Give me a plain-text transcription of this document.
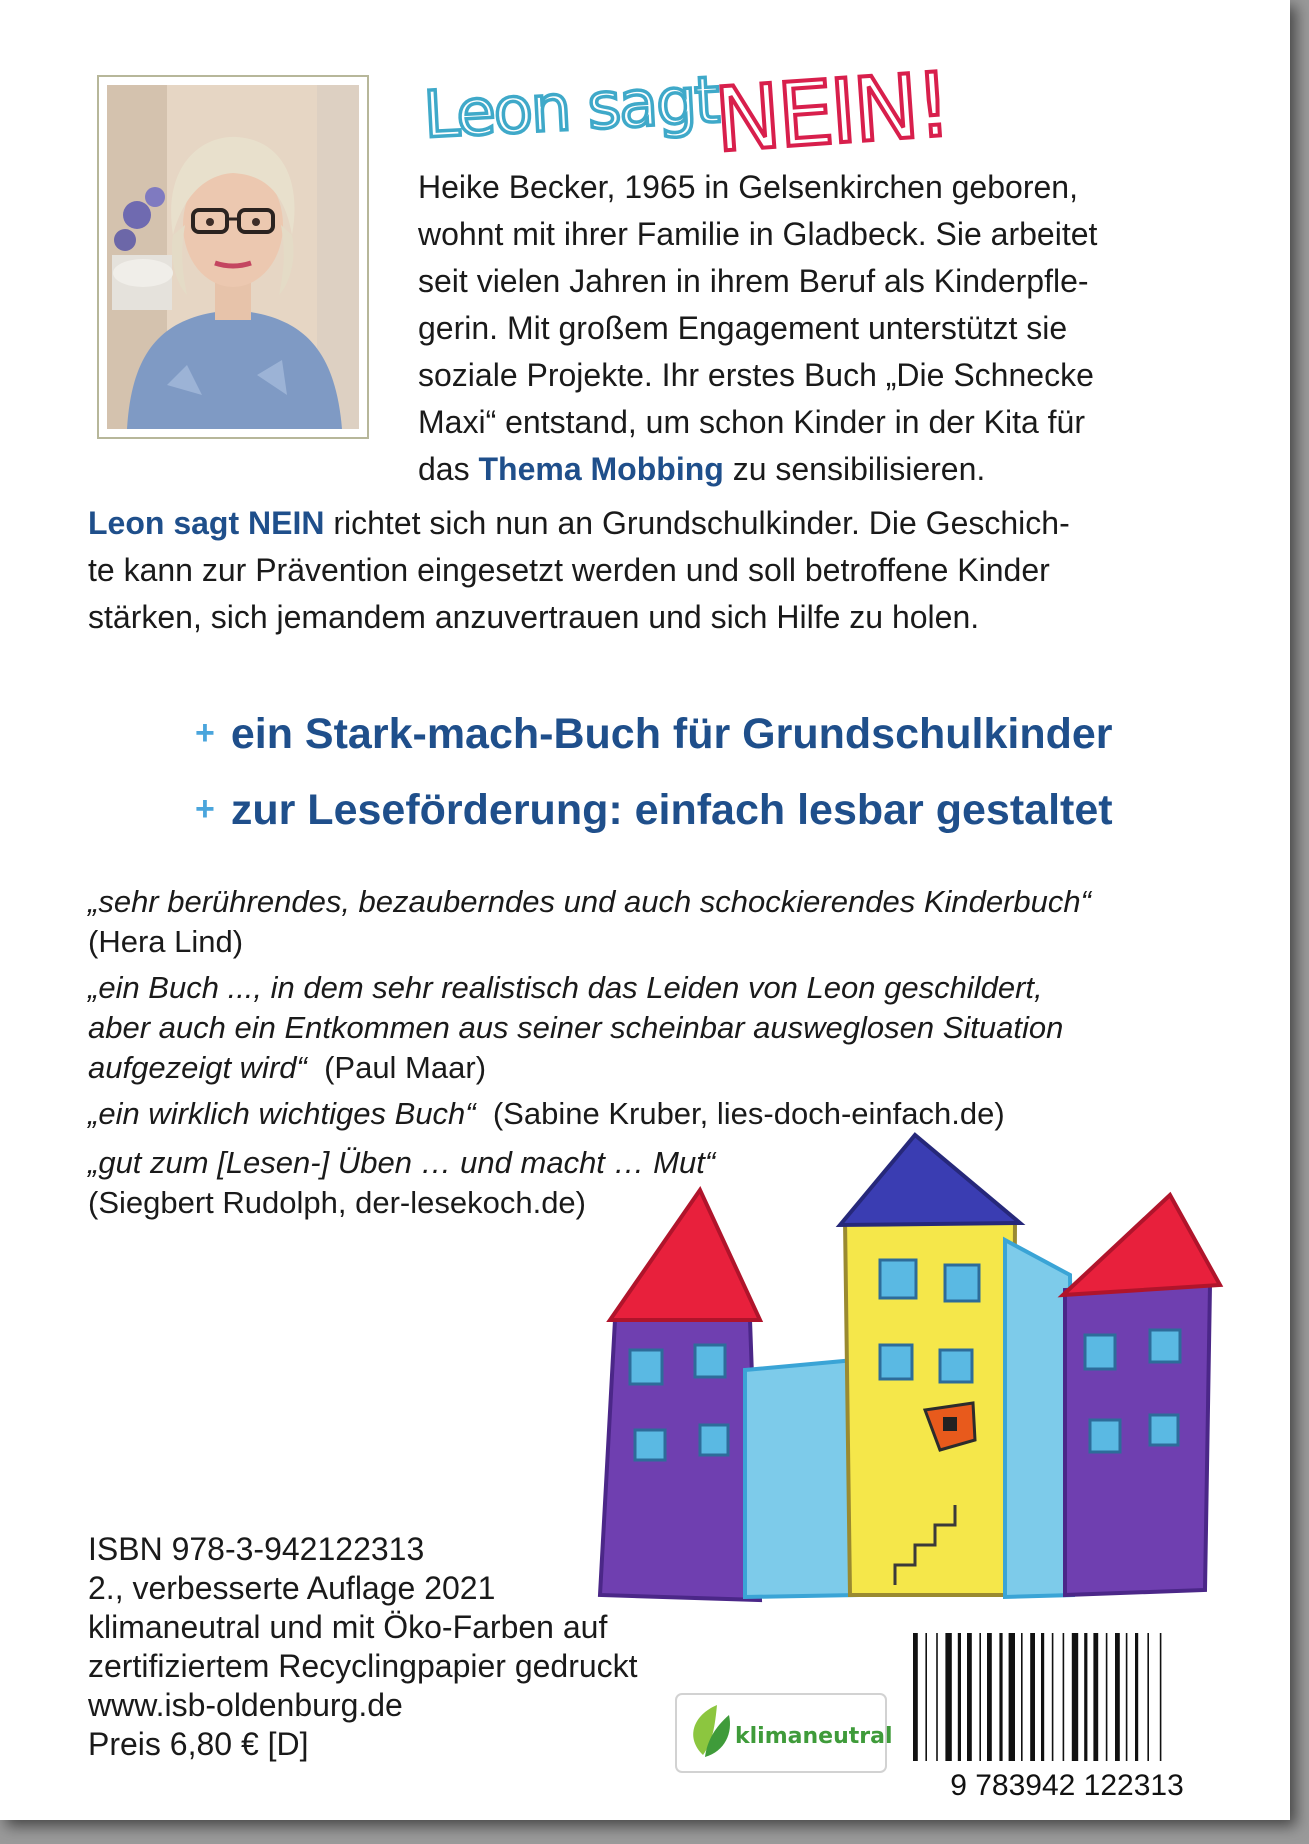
Leon sagt
NEIN!
Heike Becker, 1965 in Gelsenkirchen geboren,
wohnt mit ihrer Familie in Gladbeck. Sie arbeitet
seit vielen Jahren in ihrem Beruf als Kinderpfle-
gerin. Mit großem Engagement unterstützt sie
soziale Projekte. Ihr erstes Buch „Die Schnecke
Maxi“ entstand, um schon Kinder in der Kita für
das Thema Mobbing zu sensibilisieren.
Leon sagt NEIN richtet sich nun an Grundschulkinder. Die Geschich-
te kann zur Prävention eingesetzt werden und soll betroffene Kinder
stärken, sich jemandem anzuvertrauen und sich Hilfe zu holen.
+ ein Stark-mach-Buch für Grundschulkinder
+ zur Leseförderung: einfach lesbar gestaltet
„sehr berührendes, bezauberndes und auch schockierendes Kinderbuch“
(Hera Lind)
„ein Buch ..., in dem sehr realistisch das Leiden von Leon geschildert,
aber auch ein Entkommen aus seiner scheinbar ausweglosen Situation
aufgezeigt wird“ (Paul Maar)
„ein wirklich wichtiges Buch“ (Sabine Kruber, lies-doch-einfach.de)
„gut zum [Lesen-] Üben … und macht … Mut“
(Siegbert Rudolph, der-lesekoch.de)
ISBN 978-3-942122313
2., verbesserte Auflage 2021
klimaneutral und mit Öko-Farben auf
zertifiziertem Recyclingpapier gedruckt
www.isb-oldenburg.de
Preis 6,80 € [D]	klimaneutral
9 783942 122313
